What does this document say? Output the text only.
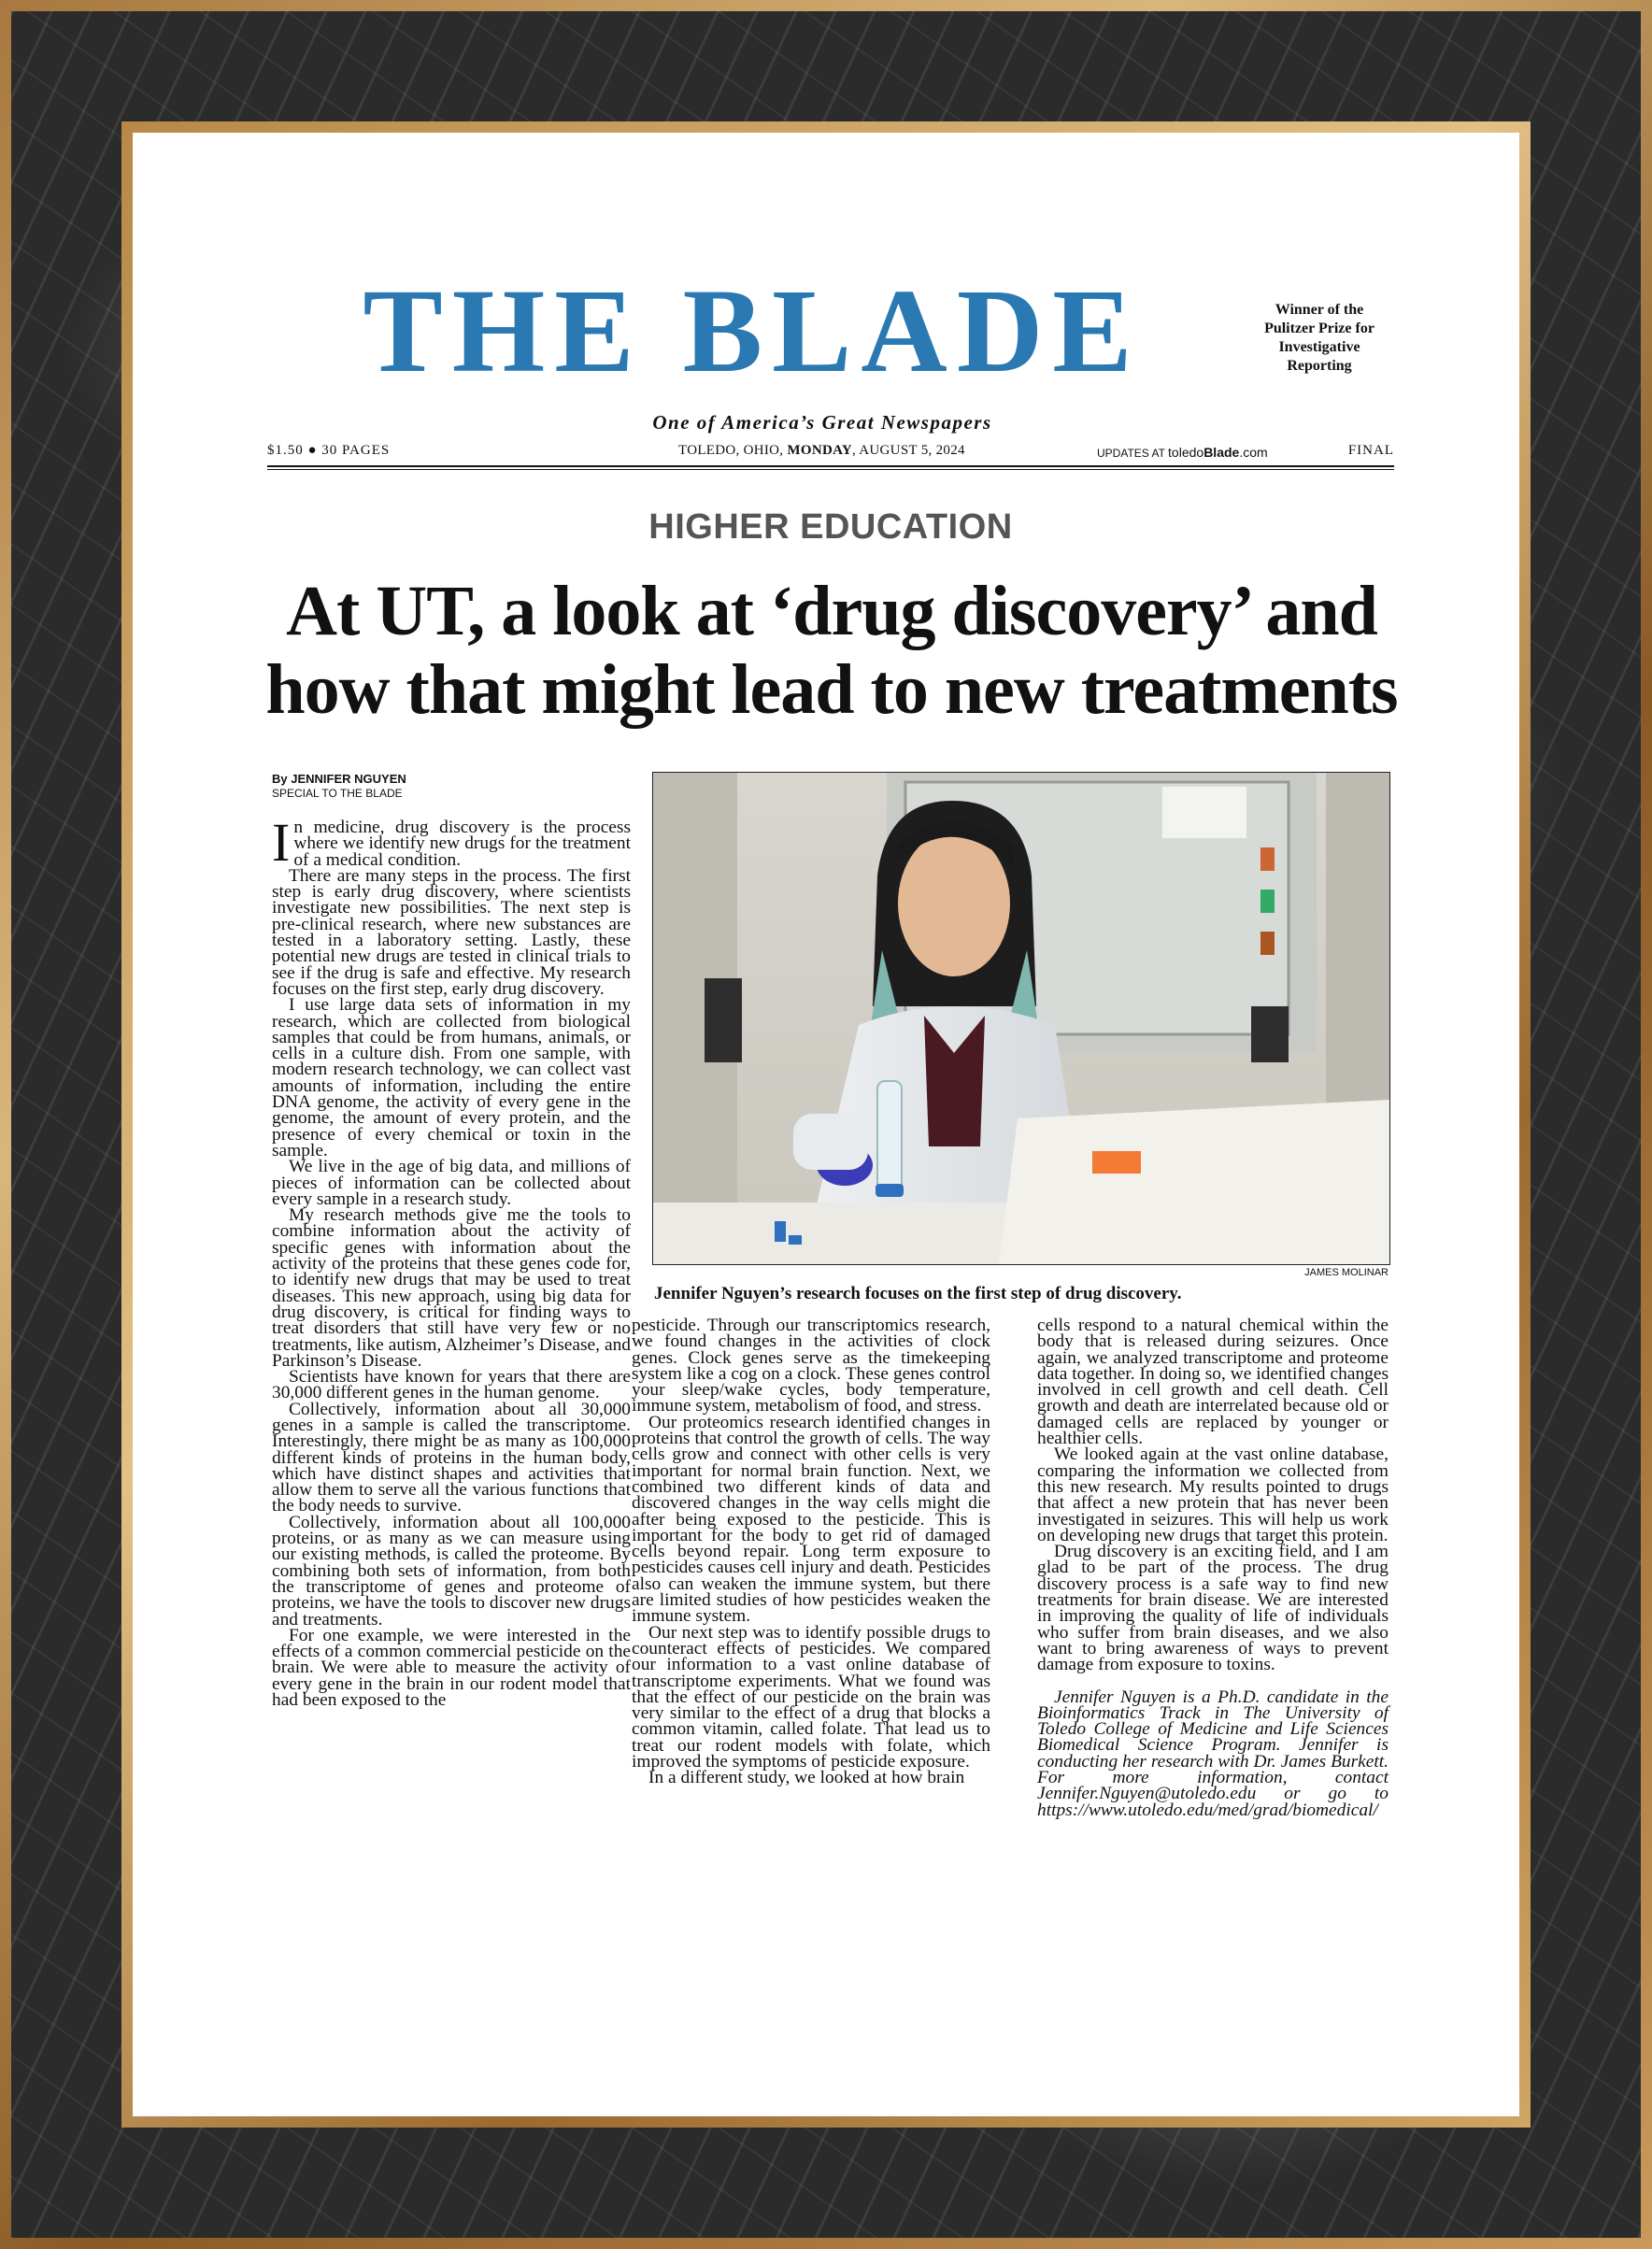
THE BLADE	Winner of the Pulitzer Prize for Investigative Reporting
One of America’s Great Newspapers
$1.50 ● 30 PAGES	TOLEDO, OHIO, MONDAY, AUGUST 5, 2024	UPDATES AT toledoBlade.com	FINAL
HIGHER EDUCATION
At UT, a look at ‘drug discovery’ and how that might lead to new treatments
By JENNIFER NGUYEN
SPECIAL TO THE BLADE

In medicine, drug discovery is the process where we identify new drugs for the treatment of a medical condition.

There are many steps in the process. The first step is early drug discovery, where scientists investigate new possibilities. The next step is pre-clinical research, where new substances are tested in a laboratory setting. Lastly, these potential new drugs are tested in clinical trials to see if the drug is safe and effective. My research focuses on the first step, early drug discovery.

I use large data sets of information in my research, which are collected from biological samples that could be from humans, animals, or cells in a culture dish. From one sample, with modern research technology, we can collect vast amounts of information, including the entire DNA genome, the activity of every gene in the genome, the amount of every protein, and the presence of every chemical or toxin in the sample.

We live in the age of big data, and millions of pieces of information can be collected about every sample in a research study.

My research methods give me the tools to combine information about the activity of specific genes with information about the activity of the proteins that these genes code for, to identify new drugs that may be used to treat diseases. This new approach, using big data for drug discovery, is critical for finding ways to treat disorders that still have very few or no treatments, like autism, Alzheimer’s Disease, and Parkinson’s Disease.

Scientists have known for years that there are 30,000 different genes in the human genome.

Collectively, information about all 30,000 genes in a sample is called the transcriptome. Interestingly, there might be as many as 100,000 different kinds of proteins in the human body, which have distinct shapes and activities that allow them to serve all the various functions that the body needs to survive.

Collectively, information about all 100,000 proteins, or as many as we can measure using our existing methods, is called the proteome. By combining both sets of information, from both the transcriptome of genes and proteome of proteins, we have the tools to discover new drugs and treatments.

For one example, we were interested in the effects of a common commercial pesticide on the brain. We were able to measure the activity of every gene in the brain in our rodent model that had been exposed to the

JAMES MOLINAR
Jennifer Nguyen’s research focuses on the first step of drug discovery.

pesticide. Through our transcriptomics research, we found changes in the activities of clock genes. Clock genes serve as the timekeeping system like a cog on a clock. These genes control your sleep/wake cycles, body temperature, immune system, metabolism of food, and stress.

Our proteomics research identified changes in proteins that control the growth of cells. The way cells grow and connect with other cells is very important for normal brain function. Next, we combined two different kinds of data and discovered changes in the way cells might die after being exposed to the pesticide. This is important for the body to get rid of damaged cells beyond repair. Long term exposure to pesticides causes cell injury and death. Pesticides also can weaken the immune system, but there are limited studies of how pesticides weaken the immune system.

Our next step was to identify possible drugs to counteract effects of pesticides. We compared our information to a vast online database of transcriptome experiments. What we found was that the effect of our pesticide on the brain was very similar to the effect of a drug that blocks a common vitamin, called folate. That lead us to treat our rodent models with folate, which improved the symptoms of pesticide exposure.

In a different study, we looked at how brain

cells respond to a natural chemical within the body that is released during seizures. Once again, we analyzed transcriptome and proteome data together. In doing so, we identified changes involved in cell growth and cell death. Cell growth and death are interrelated because old or damaged cells are replaced by younger or healthier cells.

We looked again at the vast online database, comparing the information we collected from this new research. My results pointed to drugs that affect a new protein that has never been investigated in seizures. This will help us work on developing new drugs that target this protein.

Drug discovery is an exciting field, and I am glad to be part of the process. The drug discovery process is a safe way to find new treatments for brain disease. We are interested in improving the quality of life of individuals who suffer from brain diseases, and we also want to bring awareness of ways to prevent damage from exposure to toxins.

Jennifer Nguyen is a Ph.D. candidate in the Bioinformatics Track in The University of Toledo College of Medicine and Life Sciences Biomedical Science Program. Jennifer is conducting her research with Dr. James Burkett. For more information, contact Jennifer.Nguyen@utoledo.edu or go to https://www.utoledo.edu/med/grad/biomedical/
